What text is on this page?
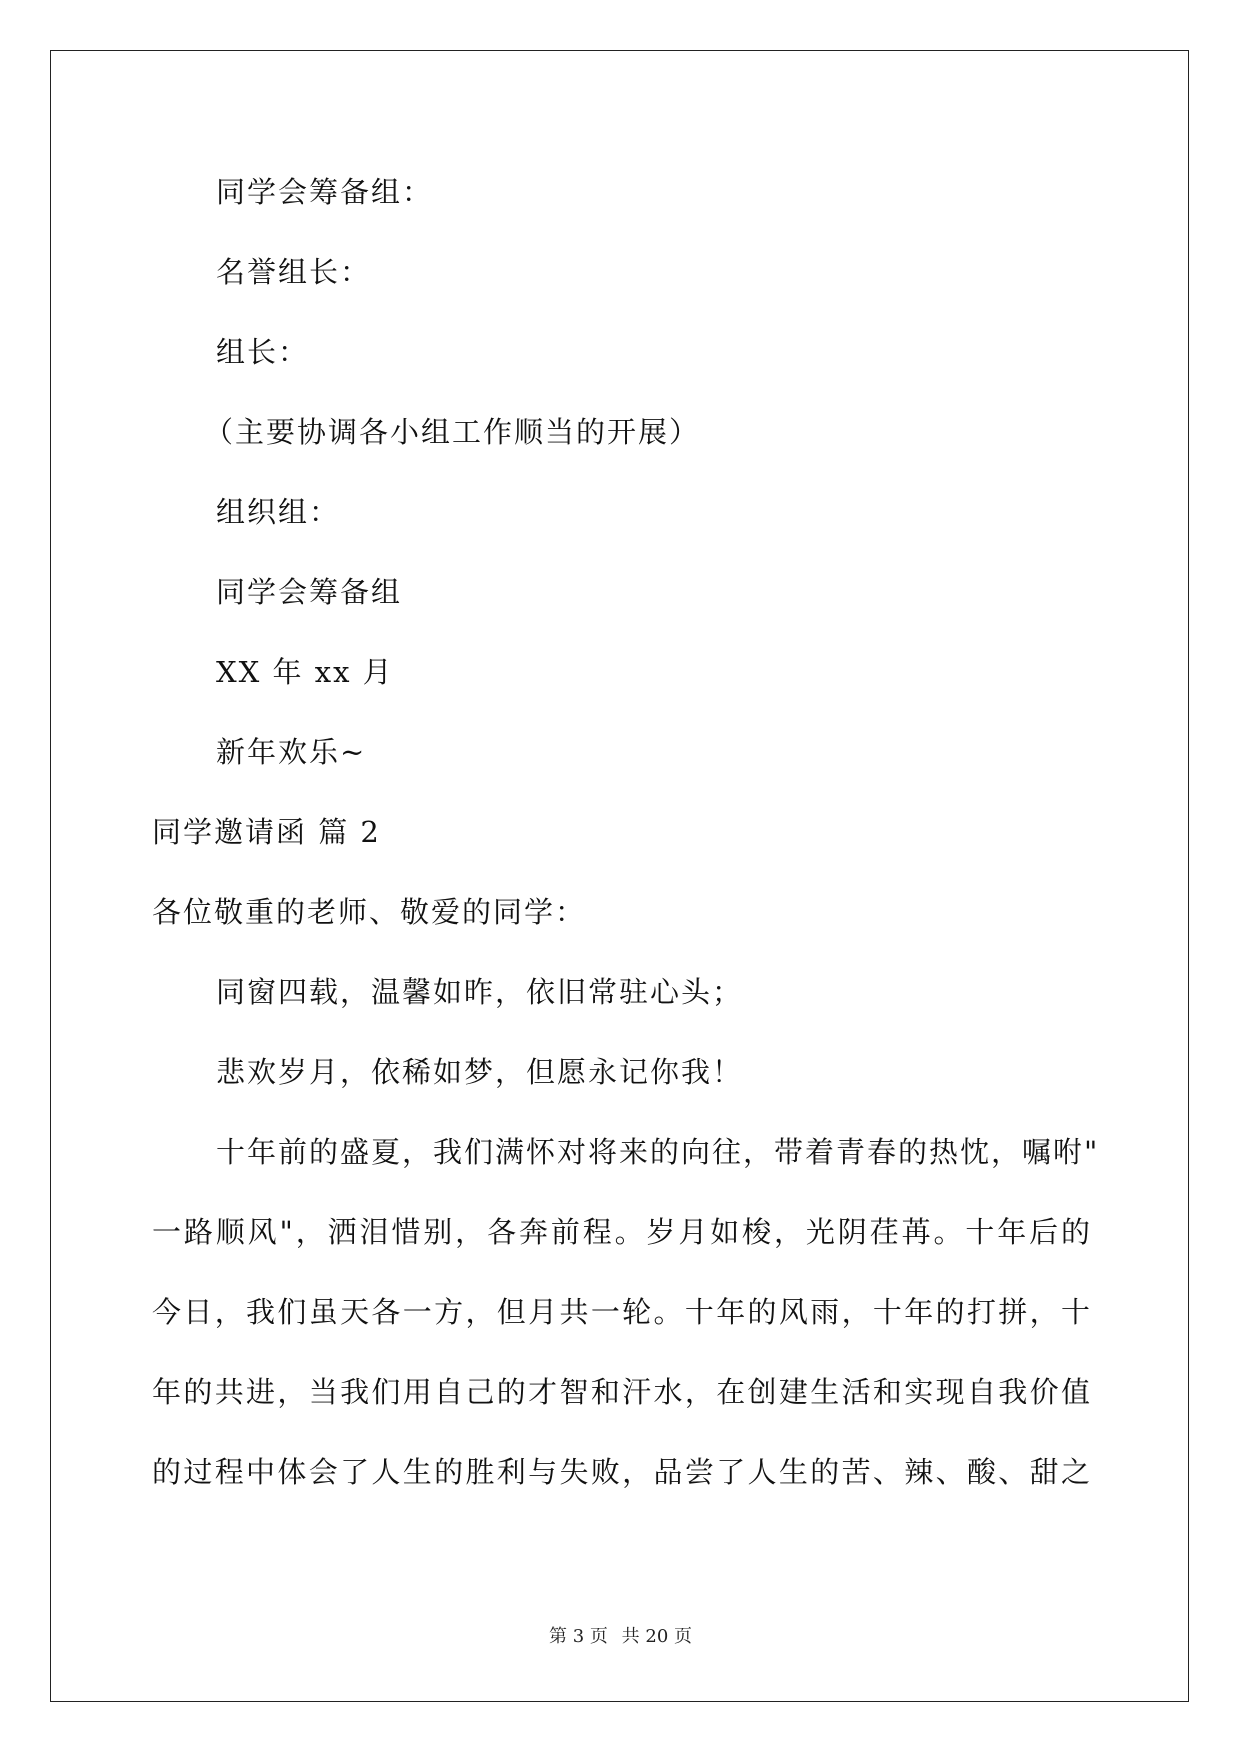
同学会筹备组：
名誉组长：
组长：
（主要协调各小组工作顺当的开展）
组织组：
同学会筹备组
XX 年 xx 月
新年欢乐~
同学邀请函 篇 2
各位敬重的老师、敬爱的同学：
同窗四载，温馨如昨，依旧常驻心头；
悲欢岁月，依稀如梦，但愿永记你我！
十年前的盛夏，我们满怀对将来的向往，带着青春的热忱，嘱咐"
一路顺风"，洒泪惜别，各奔前程。岁月如梭，光阴荏苒。十年后的
今日，我们虽天各一方，但月共一轮。十年的风雨，十年的打拼，十
年的共进，当我们用自己的才智和汗水，在创建生活和实现自我价值
的过程中体会了人生的胜利与失败，品尝了人生的苦、辣、酸、甜之
第 3 页 共 20 页
